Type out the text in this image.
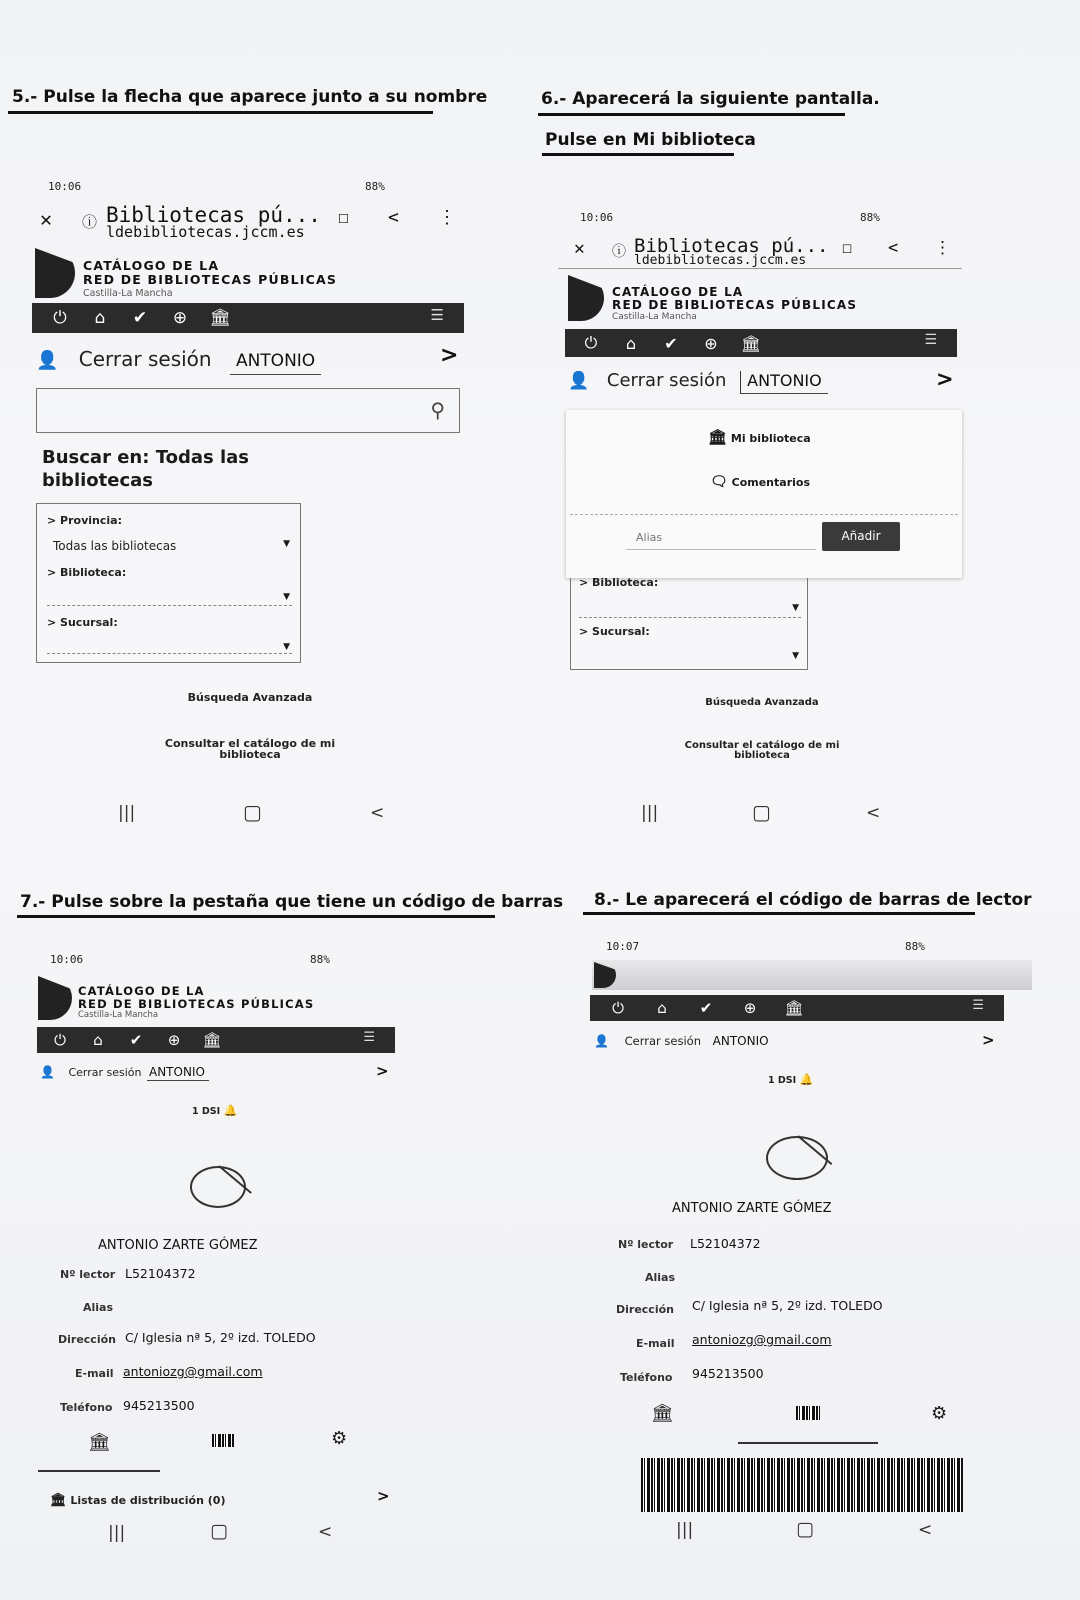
5.- Pulse la flecha que aparece junto a su nombre
10:06	88%
✕ ⓘ Bibliotecas pú...
ldebibliotecas.jccm.es
☐ < ⋮
CATÁLOGO DE LA
RED DE BIBLIOTECAS PÚBLICAS
Castilla-La Mancha
⏻	⌂	✔	⊕	🏛	☰
👤 Cerrar sesión ANTONIO	>
⚲
Buscar en: Todas las bibliotecas
> Provincia:
Todas las bibliotecas	▼
> Biblioteca:
▼
> Sucursal:
▼
Búsqueda Avanzada
Consultar el catálogo de mi biblioteca
|||	▢	<
6.- Aparecerá la siguiente pantalla.
Pulse en Mi biblioteca
10:06	88%
✕ ⓘ Bibliotecas pú...
ldebibliotecas.jccm.es
☐ < ⋮
CATÁLOGO DE LA
RED DE BIBLIOTECAS PÚBLICAS
Castilla-La Mancha
⏻	⌂	✔	⊕	🏛	☰
👤 Cerrar sesión ANTONIO	>
🏛 Mi biblioteca
🗨 Comentarios
Alias	Añadir
> Biblioteca:
▼
> Sucursal:
▼
Búsqueda Avanzada
Consultar el catálogo de mi biblioteca
|||	▢	<
7.- Pulse sobre la pestaña que tiene un código de barras
10:06	88%
CATÁLOGO DE LA
RED DE BIBLIOTECAS PÚBLICAS
Castilla-La Mancha
⏻	⌂	✔	⊕	🏛	☰
👤 Cerrar sesión ANTONIO	>
1 DSI 🔔
ANTONIO ZARTE GÓMEZ
Nº lector L52104372
Alias
Dirección C/ Iglesia nª 5, 2º izd. TOLEDO
E-mail antoniozg@gmail.com
Teléfono 945213500
🏛	⚙
🏛 Listas de distribución (0)	>
|||	▢	<
8.- Le aparecerá el código de barras de lector
10:07	88%
⏻	⌂	✔	⊕	🏛	☰
👤 Cerrar sesión ANTONIO	>
1 DSI 🔔
ANTONIO ZARTE GÓMEZ
Nº lector L52104372
Alias
Dirección C/ Iglesia nª 5, 2º izd. TOLEDO
E-mail antoniozg@gmail.com
Teléfono 945213500
🏛	⚙
|||	▢	<
